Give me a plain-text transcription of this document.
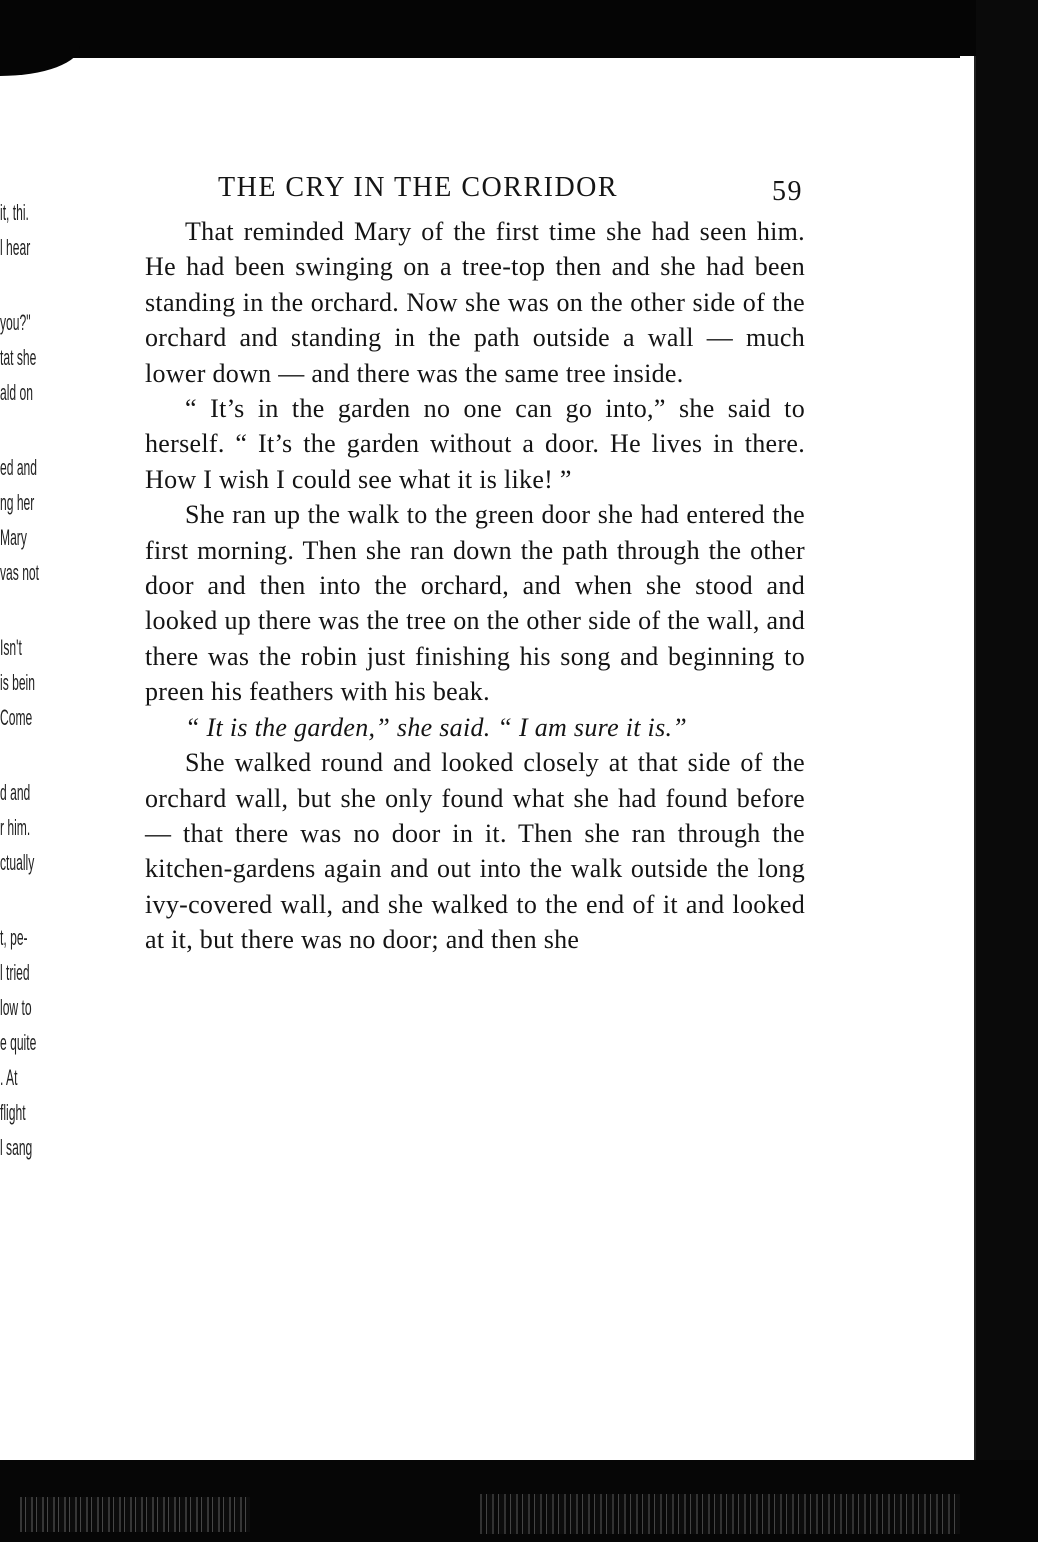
it, thi.
l hear
you?"
tat she
ald on
ed and
ng her
Mary
vas not
Isn't
is bein
Come
d and
r him.
ctually
t, pe-
l tried
low to
e quite
. At
flight
l sang
THE CRY IN THE CORRIDOR	59

That reminded Mary of the first time she had seen him. He had been swinging on a tree-top then and she had been standing in the orchard. Now she was on the other side of the orchard and standing in the path outside a wall — much lower down — and there was the same tree inside.

“ It’s in the garden no one can go into,” she said to herself. “ It’s the garden without a door. He lives in there. How I wish I could see what it is like! ”

She ran up the walk to the green door she had entered the first morning. Then she ran down the path through the other door and then into the orchard, and when she stood and looked up there was the tree on the other side of the wall, and there was the robin just finishing his song and beginning to preen his feathers with his beak.

“ It is the garden,” she said. “ I am sure it is.”

She walked round and looked closely at that side of the orchard wall, but she only found what she had found before — that there was no door in it. Then she ran through the kitchen-gardens again and out into the walk outside the long ivy-covered wall, and she walked to the end of it and looked at it, but there was no door; and then she
